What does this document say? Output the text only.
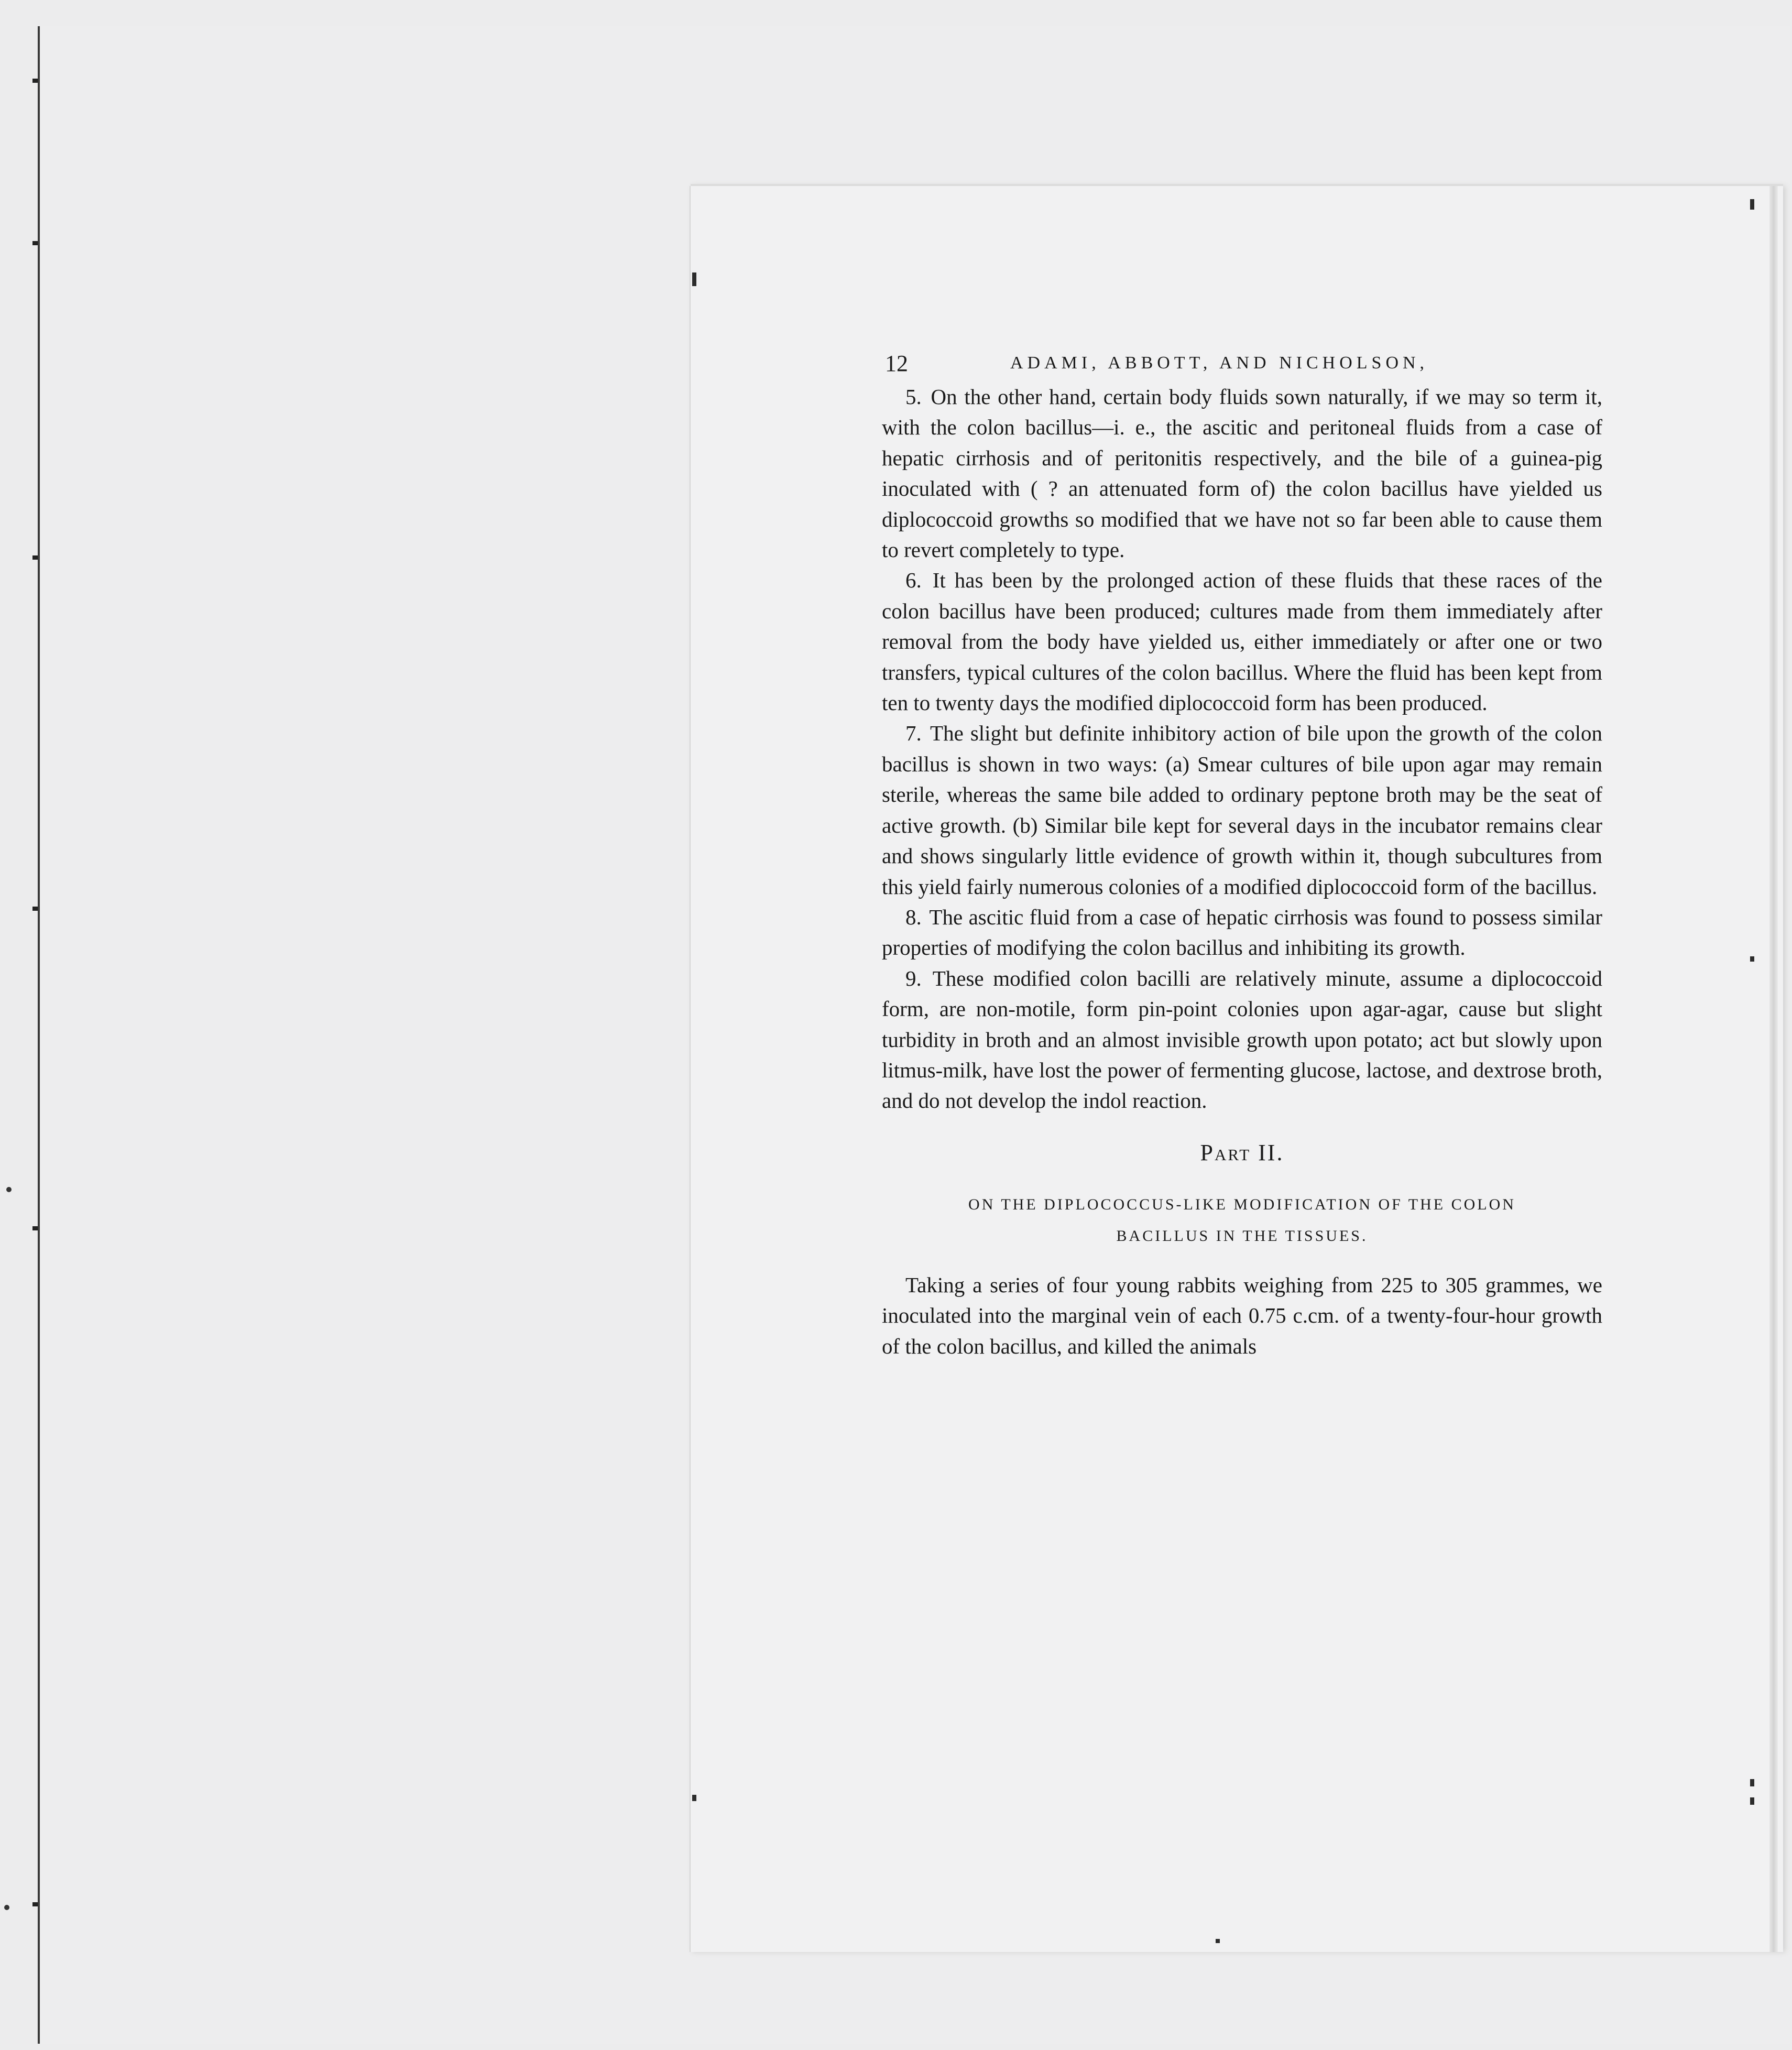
12	ADAMI, ABBOTT, AND NICHOLSON,

5. On the other hand, certain body fluids sown naturally, if we may so term it, with the colon bacillus—i. e., the ascitic and peritoneal fluids from a case of hepatic cirrhosis and of peritonitis respectively, and the bile of a guinea-pig inoculated with ( ? an attenuated form of) the colon bacillus have yielded us diplococcoid growths so modified that we have not so far been able to cause them to revert completely to type.

6. It has been by the prolonged action of these fluids that these races of the colon bacillus have been produced; cultures made from them immediately after removal from the body have yielded us, either immediately or after one or two transfers, typical cultures of the colon bacillus. Where the fluid has been kept from ten to twenty days the modified diplococcoid form has been produced.

7. The slight but definite inhibitory action of bile upon the growth of the colon bacillus is shown in two ways: (a) Smear cultures of bile upon agar may remain sterile, whereas the same bile added to ordinary peptone broth may be the seat of active growth. (b) Similar bile kept for several days in the incubator remains clear and shows singularly little evidence of growth within it, though subcultures from this yield fairly numerous colonies of a modified diplococcoid form of the bacillus.

8. The ascitic fluid from a case of hepatic cirrhosis was found to possess similar properties of modifying the colon bacillus and inhibiting its growth.

9. These modified colon bacilli are relatively minute, assume a diplococcoid form, are non-motile, form pin-point colonies upon agar-agar, cause but slight turbidity in broth and an almost invisible growth upon potato; act but slowly upon litmus-milk, have lost the power of fermenting glucose, lactose, and dextrose broth, and do not develop the indol reaction.

Part II.
ON THE DIPLOCOCCUS-LIKE MODIFICATION OF THE COLON
BACILLUS IN THE TISSUES.

Taking a series of four young rabbits weighing from 225 to 305 grammes, we inoculated into the marginal vein of each 0.75 c.cm. of a twenty-four-hour growth of the colon bacillus, and killed the animals
